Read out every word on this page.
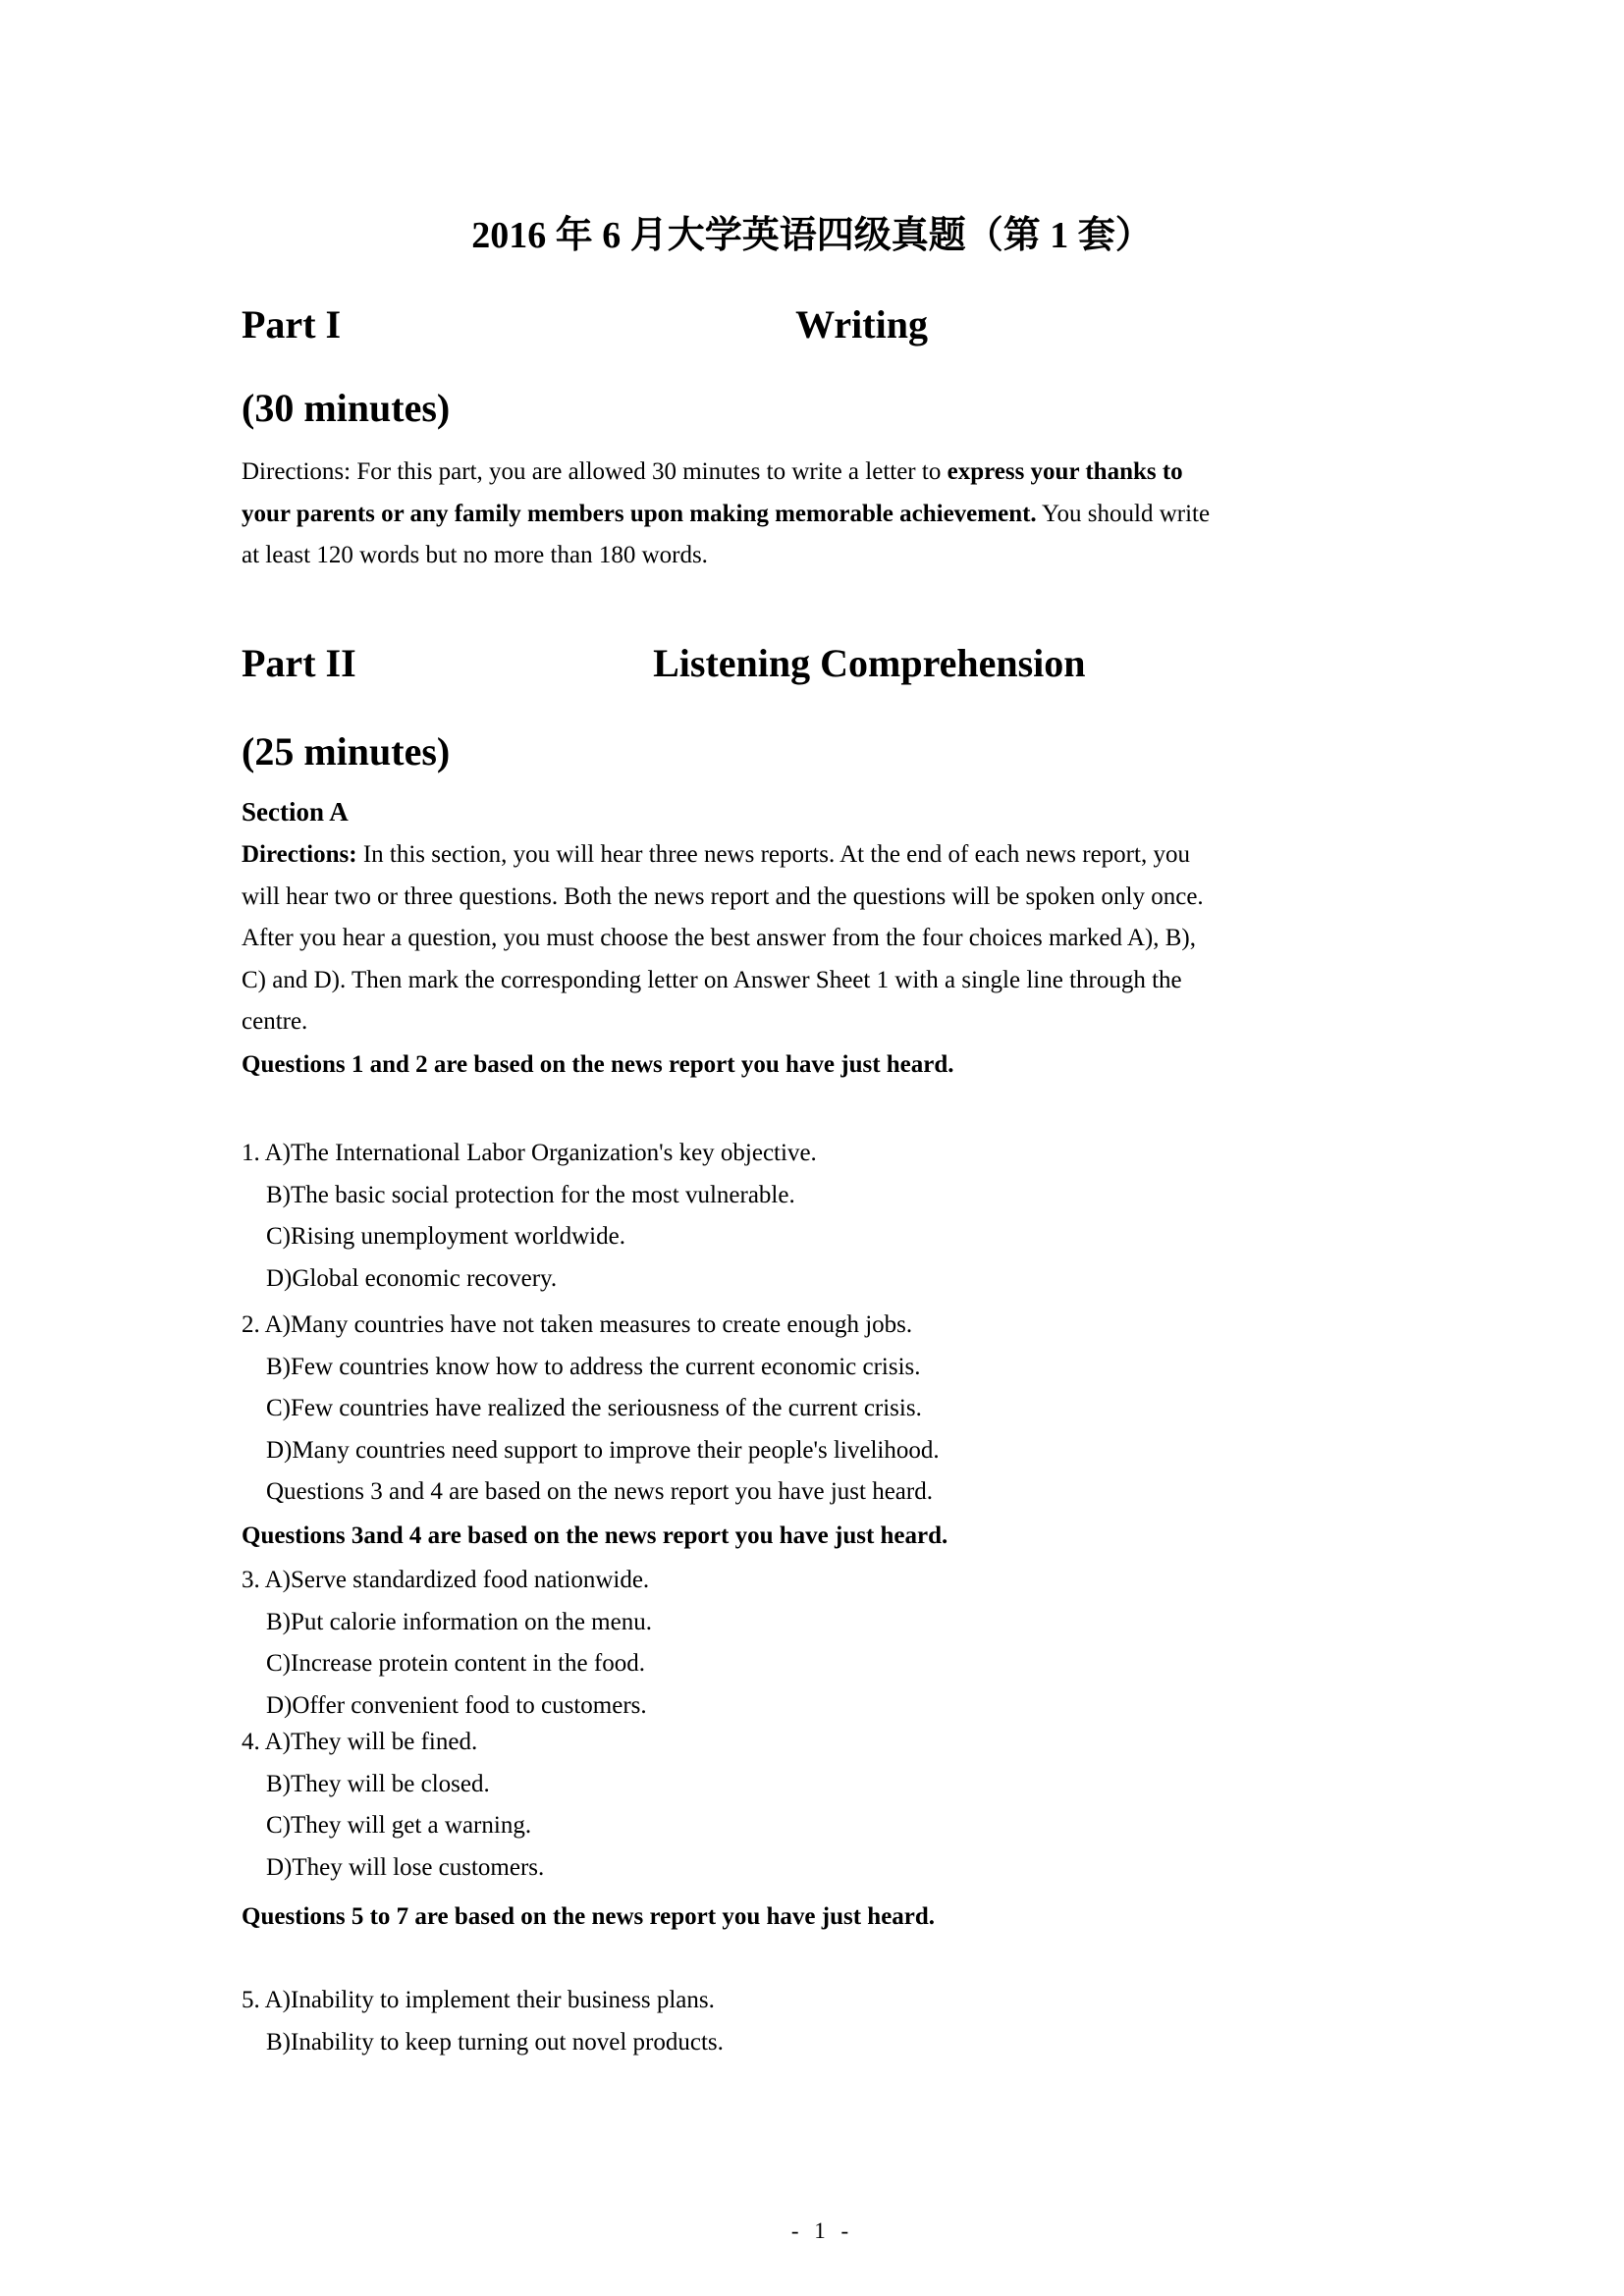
2016 年 6 月大学英语四级真题（第 1 套）
Part I	Writing
(30 minutes)
Directions: For this part, you are allowed 30 minutes to write a letter to express your thanks to
your parents or any family members upon making memorable achievement. You should write
at least 120 words but no more than 180 words.
Part II	Listening Comprehension
(25 minutes)
Section A
Directions: In this section, you will hear three news reports. At the end of each news report, you
will hear two or three questions. Both the news report and the questions will be spoken only once.
After you hear a question, you must choose the best answer from the four choices marked A), B),
C) and D). Then mark the corresponding letter on Answer Sheet 1 with a single line through the
centre.
Questions 1 and 2 are based on the news report you have just heard.
1. A)The International Labor Organization's key objective.
B)The basic social protection for the most vulnerable.
C)Rising unemployment worldwide.
D)Global economic recovery.
2. A)Many countries have not taken measures to create enough jobs.
B)Few countries know how to address the current economic crisis.
C)Few countries have realized the seriousness of the current crisis.
D)Many countries need support to improve their people's livelihood.
Questions 3 and 4 are based on the news report you have just heard.
Questions 3and 4 are based on the news report you have just heard.
3. A)Serve standardized food nationwide.
B)Put calorie information on the menu.
C)Increase protein content in the food.
D)Offer convenient food to customers.
4. A)They will be fined.
B)They will be closed.
C)They will get a warning.
D)They will lose customers.
Questions 5 to 7 are based on the news report you have just heard.
5. A)Inability to implement their business plans.
B)Inability to keep turning out novel products.
- 1 -
